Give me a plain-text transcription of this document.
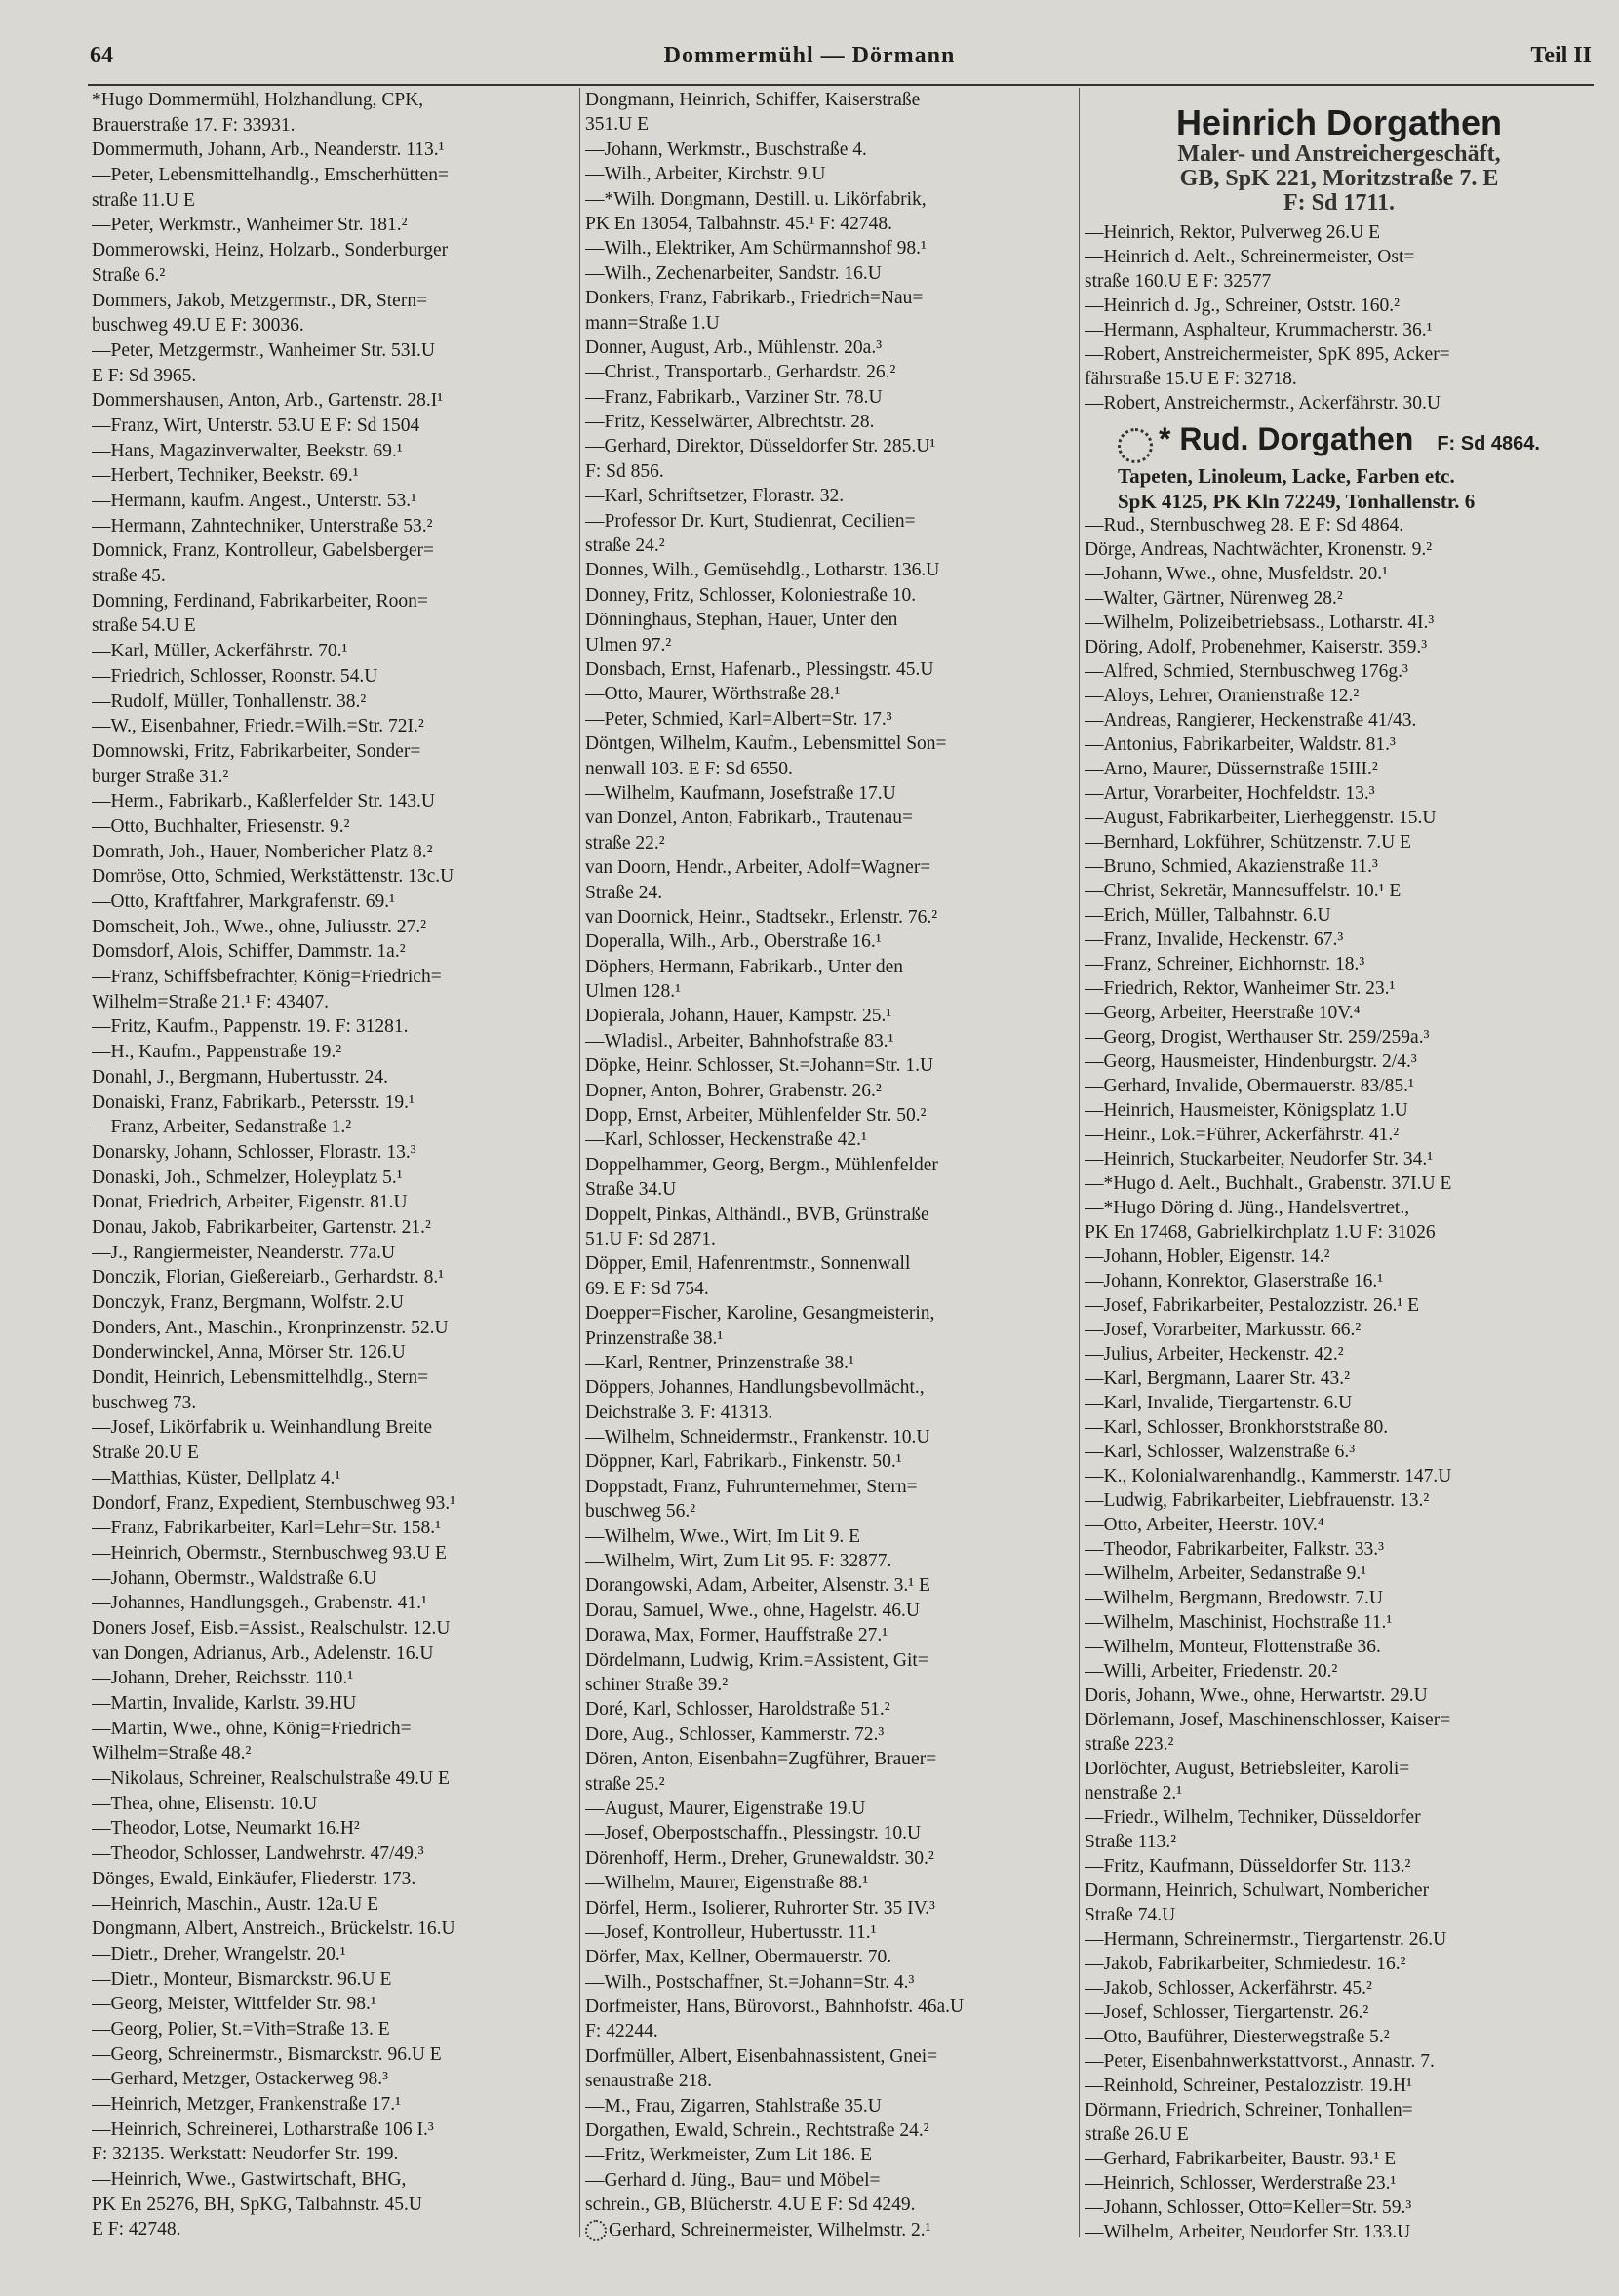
64	Dommermühl — Dörmann	Teil II
*Hugo Dommermühl, Holzhandlung, CPK,
Brauerstraße 17. F: 33931.
Dommermuth, Johann, Arb., Neanderstr. 113.¹
—Peter, Lebensmittelhandlg., Emscherhütten=
straße 11.U E
—Peter, Werkmstr., Wanheimer Str. 181.²
Dommerowski, Heinz, Holzarb., Sonderburger
Straße 6.²
Dommers, Jakob, Metzgermstr., DR, Stern=
buschweg 49.U E F: 30036.
—Peter, Metzgermstr., Wanheimer Str. 53I.U
E F: Sd 3965.
Dommershausen, Anton, Arb., Gartenstr. 28.I¹
—Franz, Wirt, Unterstr. 53.U E F: Sd 1504
—Hans, Magazinverwalter, Beekstr. 69.¹
—Herbert, Techniker, Beekstr. 69.¹
—Hermann, kaufm. Angest., Unterstr. 53.¹
—Hermann, Zahntechniker, Unterstraße 53.²
Domnick, Franz, Kontrolleur, Gabelsberger=
straße 45.
Domning, Ferdinand, Fabrikarbeiter, Roon=
straße 54.U E
—Karl, Müller, Ackerfährstr. 70.¹
—Friedrich, Schlosser, Roonstr. 54.U
—Rudolf, Müller, Tonhallenstr. 38.²
—W., Eisenbahner, Friedr.=Wilh.=Str. 72I.²
Domnowski, Fritz, Fabrikarbeiter, Sonder=
burger Straße 31.²
—Herm., Fabrikarb., Kaßlerfelder Str. 143.U
—Otto, Buchhalter, Friesenstr. 9.²
Domrath, Joh., Hauer, Nombericher Platz 8.²
Domröse, Otto, Schmied, Werkstättenstr. 13c.U
—Otto, Kraftfahrer, Markgrafenstr. 69.¹
Domscheit, Joh., Wwe., ohne, Juliusstr. 27.²
Domsdorf, Alois, Schiffer, Dammstr. 1a.²
—Franz, Schiffsbefrachter, König=Friedrich=
Wilhelm=Straße 21.¹ F: 43407.
—Fritz, Kaufm., Pappenstr. 19. F: 31281.
—H., Kaufm., Pappenstraße 19.²
Donahl, J., Bergmann, Hubertusstr. 24.
Donaiski, Franz, Fabrikarb., Petersstr. 19.¹
—Franz, Arbeiter, Sedanstraße 1.²
Donarsky, Johann, Schlosser, Florastr. 13.³
Donaski, Joh., Schmelzer, Holeyplatz 5.¹
Donat, Friedrich, Arbeiter, Eigenstr. 81.U
Donau, Jakob, Fabrikarbeiter, Gartenstr. 21.²
—J., Rangiermeister, Neanderstr. 77a.U
Donczik, Florian, Gießereiarb., Gerhardstr. 8.¹
Donczyk, Franz, Bergmann, Wolfstr. 2.U
Donders, Ant., Maschin., Kronprinzenstr. 52.U
Donderwinckel, Anna, Mörser Str. 126.U
Dondit, Heinrich, Lebensmittelhdlg., Stern=
buschweg 73.
—Josef, Likörfabrik u. Weinhandlung Breite
Straße 20.U E
—Matthias, Küster, Dellplatz 4.¹
Dondorf, Franz, Expedient, Sternbuschweg 93.¹
—Franz, Fabrikarbeiter, Karl=Lehr=Str. 158.¹
—Heinrich, Obermstr., Sternbuschweg 93.U E
—Johann, Obermstr., Waldstraße 6.U
—Johannes, Handlungsgeh., Grabenstr. 41.¹
Doners Josef, Eisb.=Assist., Realschulstr. 12.U
van Dongen, Adrianus, Arb., Adelenstr. 16.U
—Johann, Dreher, Reichsstr. 110.¹
—Martin, Invalide, Karlstr. 39.HU
—Martin, Wwe., ohne, König=Friedrich=
Wilhelm=Straße 48.²
—Nikolaus, Schreiner, Realschulstraße 49.U E
—Thea, ohne, Elisenstr. 10.U
—Theodor, Lotse, Neumarkt 16.H²
—Theodor, Schlosser, Landwehrstr. 47/49.³
Dönges, Ewald, Einkäufer, Fliederstr. 173.
—Heinrich, Maschin., Austr. 12a.U E
Dongmann, Albert, Anstreich., Brückelstr. 16.U
—Dietr., Dreher, Wrangelstr. 20.¹
—Dietr., Monteur, Bismarckstr. 96.U E
—Georg, Meister, Wittfelder Str. 98.¹
—Georg, Polier, St.=Vith=Straße 13. E
—Georg, Schreinermstr., Bismarckstr. 96.U E
—Gerhard, Metzger, Ostackerweg 98.³
—Heinrich, Metzger, Frankenstraße 17.¹
—Heinrich, Schreinerei, Lotharstraße 106 I.³
F: 32135. Werkstatt: Neudorfer Str. 199.
—Heinrich, Wwe., Gastwirtschaft, BHG,
PK En 25276, BH, SpKG, Talbahnstr. 45.U
E F: 42748.
Dongmann, Heinrich, Schiffer, Kaiserstraße
351.U E
—Johann, Werkmstr., Buschstraße 4.
—Wilh., Arbeiter, Kirchstr. 9.U
—*Wilh. Dongmann, Destill. u. Likörfabrik,
PK En 13054, Talbahnstr. 45.¹ F: 42748.
—Wilh., Elektriker, Am Schürmannshof 98.¹
—Wilh., Zechenarbeiter, Sandstr. 16.U
Donkers, Franz, Fabrikarb., Friedrich=Nau=
mann=Straße 1.U
Donner, August, Arb., Mühlenstr. 20a.³
—Christ., Transportarb., Gerhardstr. 26.²
—Franz, Fabrikarb., Varziner Str. 78.U
—Fritz, Kesselwärter, Albrechtstr. 28.
—Gerhard, Direktor, Düsseldorfer Str. 285.U¹
F: Sd 856.
—Karl, Schriftsetzer, Florastr. 32.
—Professor Dr. Kurt, Studienrat, Cecilien=
straße 24.²
Donnes, Wilh., Gemüsehdlg., Lotharstr. 136.U
Donney, Fritz, Schlosser, Koloniestraße 10.
Dönninghaus, Stephan, Hauer, Unter den
Ulmen 97.²
Donsbach, Ernst, Hafenarb., Plessingstr. 45.U
—Otto, Maurer, Wörthstraße 28.¹
—Peter, Schmied, Karl=Albert=Str. 17.³
Döntgen, Wilhelm, Kaufm., Lebensmittel Son=
nenwall 103. E F: Sd 6550.
—Wilhelm, Kaufmann, Josefstraße 17.U
van Donzel, Anton, Fabrikarb., Trautenau=
straße 22.²
van Doorn, Hendr., Arbeiter, Adolf=Wagner=
Straße 24.
van Doornick, Heinr., Stadtsekr., Erlenstr. 76.²
Doperalla, Wilh., Arb., Oberstraße 16.¹
Döphers, Hermann, Fabrikarb., Unter den
Ulmen 128.¹
Dopierala, Johann, Hauer, Kampstr. 25.¹
—Wladisl., Arbeiter, Bahnhofstraße 83.¹
Döpke, Heinr. Schlosser, St.=Johann=Str. 1.U
Dopner, Anton, Bohrer, Grabenstr. 26.²
Dopp, Ernst, Arbeiter, Mühlenfelder Str. 50.²
—Karl, Schlosser, Heckenstraße 42.¹
Doppelhammer, Georg, Bergm., Mühlenfelder
Straße 34.U
Doppelt, Pinkas, Althändl., BVB, Grünstraße
51.U F: Sd 2871.
Döpper, Emil, Hafenrentmstr., Sonnenwall
69. E F: Sd 754.
Doepper=Fischer, Karoline, Gesangmeisterin,
Prinzenstraße 38.¹
—Karl, Rentner, Prinzenstraße 38.¹
Döppers, Johannes, Handlungsbevollmächt.,
Deichstraße 3. F: 41313.
—Wilhelm, Schneidermstr., Frankenstr. 10.U
Döppner, Karl, Fabrikarb., Finkenstr. 50.¹
Doppstadt, Franz, Fuhrunternehmer, Stern=
buschweg 56.²
—Wilhelm, Wwe., Wirt, Im Lit 9. E
—Wilhelm, Wirt, Zum Lit 95. F: 32877.
Dorangowski, Adam, Arbeiter, Alsenstr. 3.¹ E
Dorau, Samuel, Wwe., ohne, Hagelstr. 46.U
Dorawa, Max, Former, Hauffstraße 27.¹
Dördelmann, Ludwig, Krim.=Assistent, Git=
schiner Straße 39.²
Doré, Karl, Schlosser, Haroldstraße 51.²
Dore, Aug., Schlosser, Kammerstr. 72.³
Dören, Anton, Eisenbahn=Zugführer, Brauer=
straße 25.²
—August, Maurer, Eigenstraße 19.U
—Josef, Oberpostschaffn., Plessingstr. 10.U
Dörenhoff, Herm., Dreher, Grunewaldstr. 30.²
—Wilhelm, Maurer, Eigenstraße 88.¹
Dörfel, Herm., Isolierer, Ruhrorter Str. 35 IV.³
—Josef, Kontrolleur, Hubertusstr. 11.¹
Dörfer, Max, Kellner, Obermauerstr. 70.
—Wilh., Postschaffner, St.=Johann=Str. 4.³
Dorfmeister, Hans, Bürovorst., Bahnhofstr. 46a.U
F: 42244.
Dorfmüller, Albert, Eisenbahnassistent, Gnei=
senaustraße 218.
—M., Frau, Zigarren, Stahlstraße 35.U
Dorgathen, Ewald, Schrein., Rechtstraße 24.²
—Fritz, Werkmeister, Zum Lit 186. E
—Gerhard d. Jüng., Bau= und Möbel=
schrein., GB, Blücherstr. 4.U E F: Sd 4249.
Gerhard, Schreinermeister, Wilhelmstr. 2.¹
Heinrich Dorgathen
Maler- und Anstreichergeschäft,
GB, SpK 221, Moritzstraße 7. E
F: Sd 1711.
—Heinrich, Rektor, Pulverweg 26.U E
—Heinrich d. Aelt., Schreinermeister, Ost=
straße 160.U E F: 32577
—Heinrich d. Jg., Schreiner, Oststr. 160.²
—Hermann, Asphalteur, Krummacherstr. 36.¹
—Robert, Anstreichermeister, SpK 895, Acker=
fährstraße 15.U E F: 32718.
—Robert, Anstreichermstr., Ackerfährstr. 30.U
* Rud. Dorgathen F: Sd 4864.
Tapeten, Linoleum, Lacke, Farben etc.
SpK 4125, PK Kln 72249, Tonhallenstr. 6
—Rud., Sternbuschweg 28. E F: Sd 4864.
Dörge, Andreas, Nachtwächter, Kronenstr. 9.²
—Johann, Wwe., ohne, Musfeldstr. 20.¹
—Walter, Gärtner, Nürenweg 28.²
—Wilhelm, Polizeibetriebsass., Lotharstr. 4I.³
Döring, Adolf, Probenehmer, Kaiserstr. 359.³
—Alfred, Schmied, Sternbuschweg 176g.³
—Aloys, Lehrer, Oranienstraße 12.²
—Andreas, Rangierer, Heckenstraße 41/43.
—Antonius, Fabrikarbeiter, Waldstr. 81.³
—Arno, Maurer, Düssernstraße 15III.²
—Artur, Vorarbeiter, Hochfeldstr. 13.³
—August, Fabrikarbeiter, Lierheggenstr. 15.U
—Bernhard, Lokführer, Schützenstr. 7.U E
—Bruno, Schmied, Akazienstraße 11.³
—Christ, Sekretär, Mannesuffelstr. 10.¹ E
—Erich, Müller, Talbahnstr. 6.U
—Franz, Invalide, Heckenstr. 67.³
—Franz, Schreiner, Eichhornstr. 18.³
—Friedrich, Rektor, Wanheimer Str. 23.¹
—Georg, Arbeiter, Heerstraße 10V.⁴
—Georg, Drogist, Werthauser Str. 259/259a.³
—Georg, Hausmeister, Hindenburgstr. 2/4.³
—Gerhard, Invalide, Obermauerstr. 83/85.¹
—Heinrich, Hausmeister, Königsplatz 1.U
—Heinr., Lok.=Führer, Ackerfährstr. 41.²
—Heinrich, Stuckarbeiter, Neudorfer Str. 34.¹
—*Hugo d. Aelt., Buchhalt., Grabenstr. 37I.U E
—*Hugo Döring d. Jüng., Handelsvertret.,
PK En 17468, Gabrielkirchplatz 1.U F: 31026
—Johann, Hobler, Eigenstr. 14.²
—Johann, Konrektor, Glaserstraße 16.¹
—Josef, Fabrikarbeiter, Pestalozzistr. 26.¹ E
—Josef, Vorarbeiter, Markusstr. 66.²
—Julius, Arbeiter, Heckenstr. 42.²
—Karl, Bergmann, Laarer Str. 43.²
—Karl, Invalide, Tiergartenstr. 6.U
—Karl, Schlosser, Bronkhorststraße 80.
—Karl, Schlosser, Walzenstraße 6.³
—K., Kolonialwarenhandlg., Kammerstr. 147.U
—Ludwig, Fabrikarbeiter, Liebfrauenstr. 13.²
—Otto, Arbeiter, Heerstr. 10V.⁴
—Theodor, Fabrikarbeiter, Falkstr. 33.³
—Wilhelm, Arbeiter, Sedanstraße 9.¹
—Wilhelm, Bergmann, Bredowstr. 7.U
—Wilhelm, Maschinist, Hochstraße 11.¹
—Wilhelm, Monteur, Flottenstraße 36.
—Willi, Arbeiter, Friedenstr. 20.²
Doris, Johann, Wwe., ohne, Herwartstr. 29.U
Dörlemann, Josef, Maschinenschlosser, Kaiser=
straße 223.²
Dorlöchter, August, Betriebsleiter, Karoli=
nenstraße 2.¹
—Friedr., Wilhelm, Techniker, Düsseldorfer
Straße 113.²
—Fritz, Kaufmann, Düsseldorfer Str. 113.²
Dormann, Heinrich, Schulwart, Nombericher
Straße 74.U
—Hermann, Schreinermstr., Tiergartenstr. 26.U
—Jakob, Fabrikarbeiter, Schmiedestr. 16.²
—Jakob, Schlosser, Ackerfährstr. 45.²
—Josef, Schlosser, Tiergartenstr. 26.²
—Otto, Bauführer, Diesterwegstraße 5.²
—Peter, Eisenbahnwerkstattvorst., Annastr. 7.
—Reinhold, Schreiner, Pestalozzistr. 19.H¹
Dörmann, Friedrich, Schreiner, Tonhallen=
straße 26.U E
—Gerhard, Fabrikarbeiter, Baustr. 93.¹ E
—Heinrich, Schlosser, Werderstraße 23.¹
—Johann, Schlosser, Otto=Keller=Str. 59.³
—Wilhelm, Arbeiter, Neudorfer Str. 133.U
